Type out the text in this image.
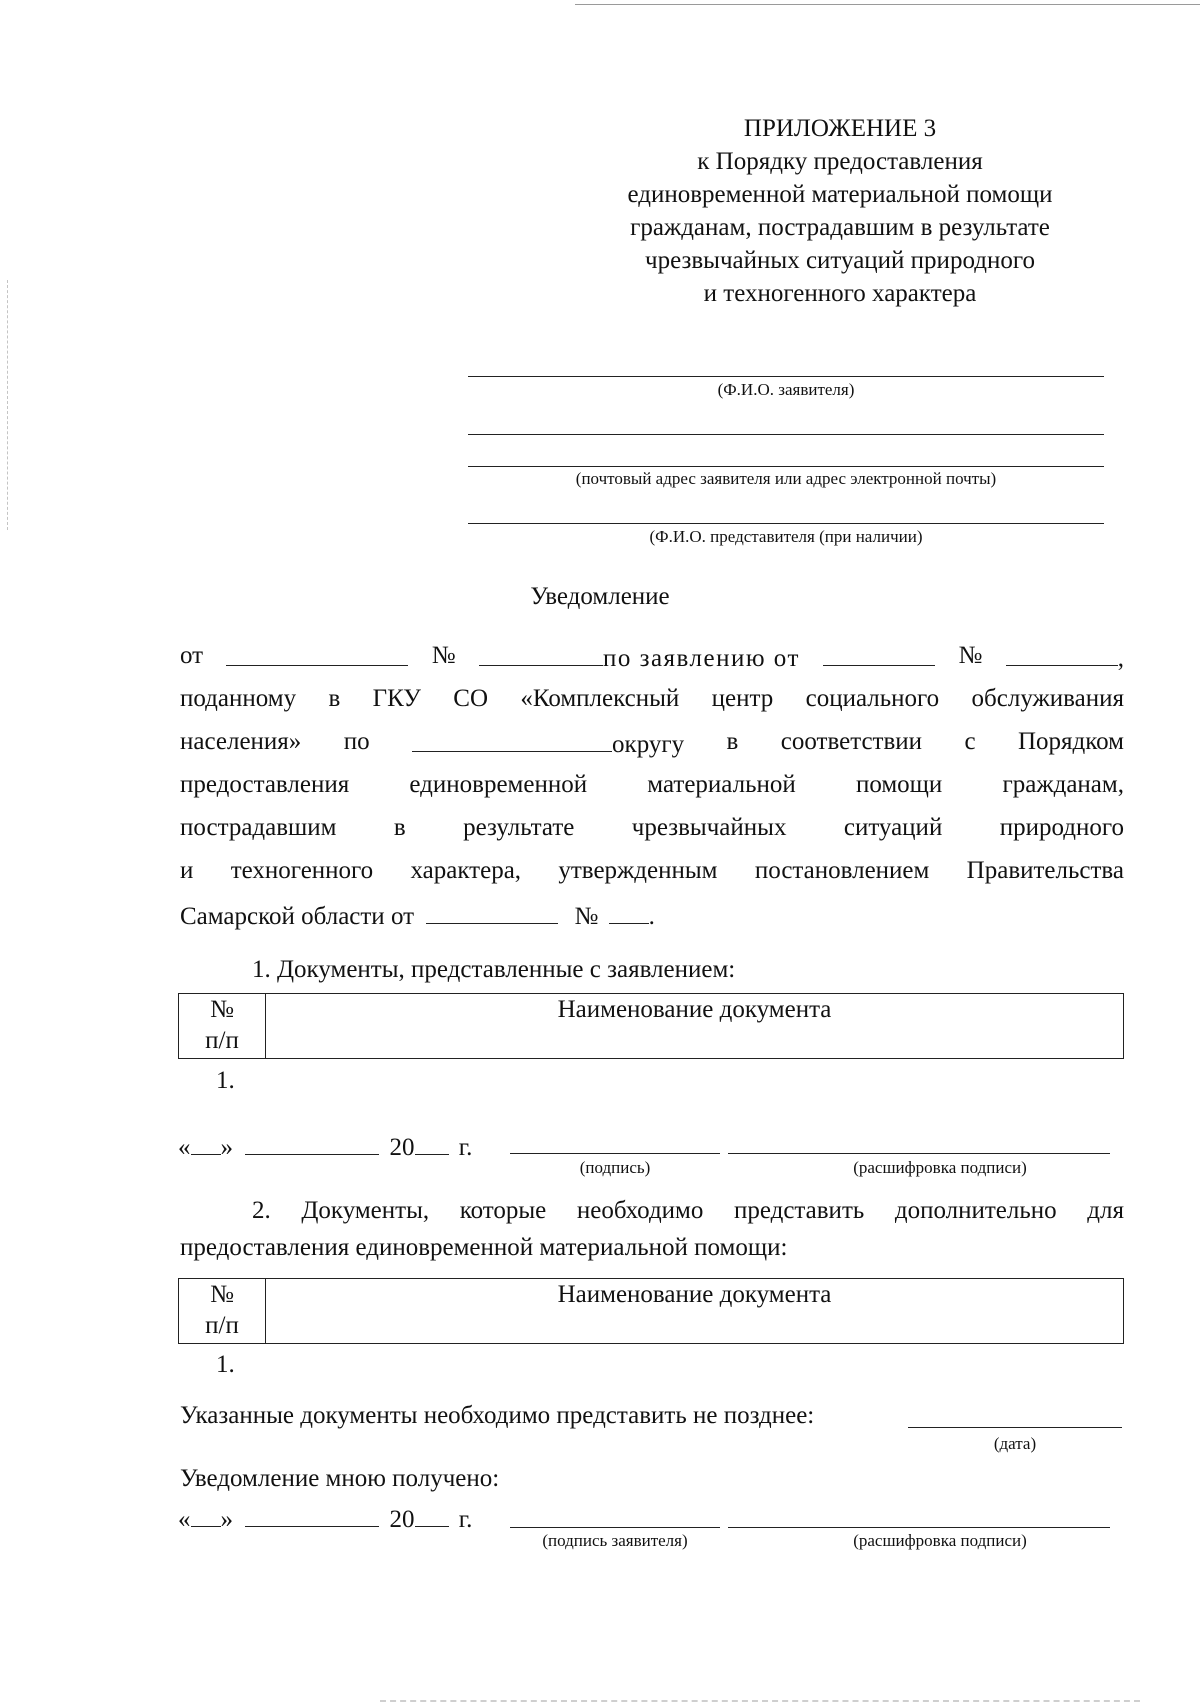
ПРИЛОЖЕНИЕ 3
к Порядку предоставления
единовременной материальной помощи
гражданам, пострадавшим в результате
чрезвычайных ситуаций природного
и техногенного характера
(Ф.И.О. заявителя)
(почтовый адрес заявителя или адрес электронной почты)
(Ф.И.О. представителя (при наличии)
Уведомление
от	№	по заявлению от	№	,
поданному в ГКУ СО «Комплексный центр социального обслуживания
населения» по	округу в соответствии с Порядком
предоставления единовременной материальной помощи гражданам,
пострадавшим в результате чрезвычайных ситуаций природного
и техногенного характера, утвержденным постановлением Правительства
Самарской области от	№ .
1. Документы, представленные с заявлением:
№
п/п	Наименование документа
1.
« »	20 г.
(подпись)	(расшифровка подписи)
2. Документы, которые необходимо представить дополнительно для
предоставления единовременной материальной помощи:
№
п/п	Наименование документа
1.
Указанные документы необходимо представить не позднее:
(дата)
Уведомление мною получено:
« »	20 г.
(подпись заявителя)	(расшифровка подписи)
